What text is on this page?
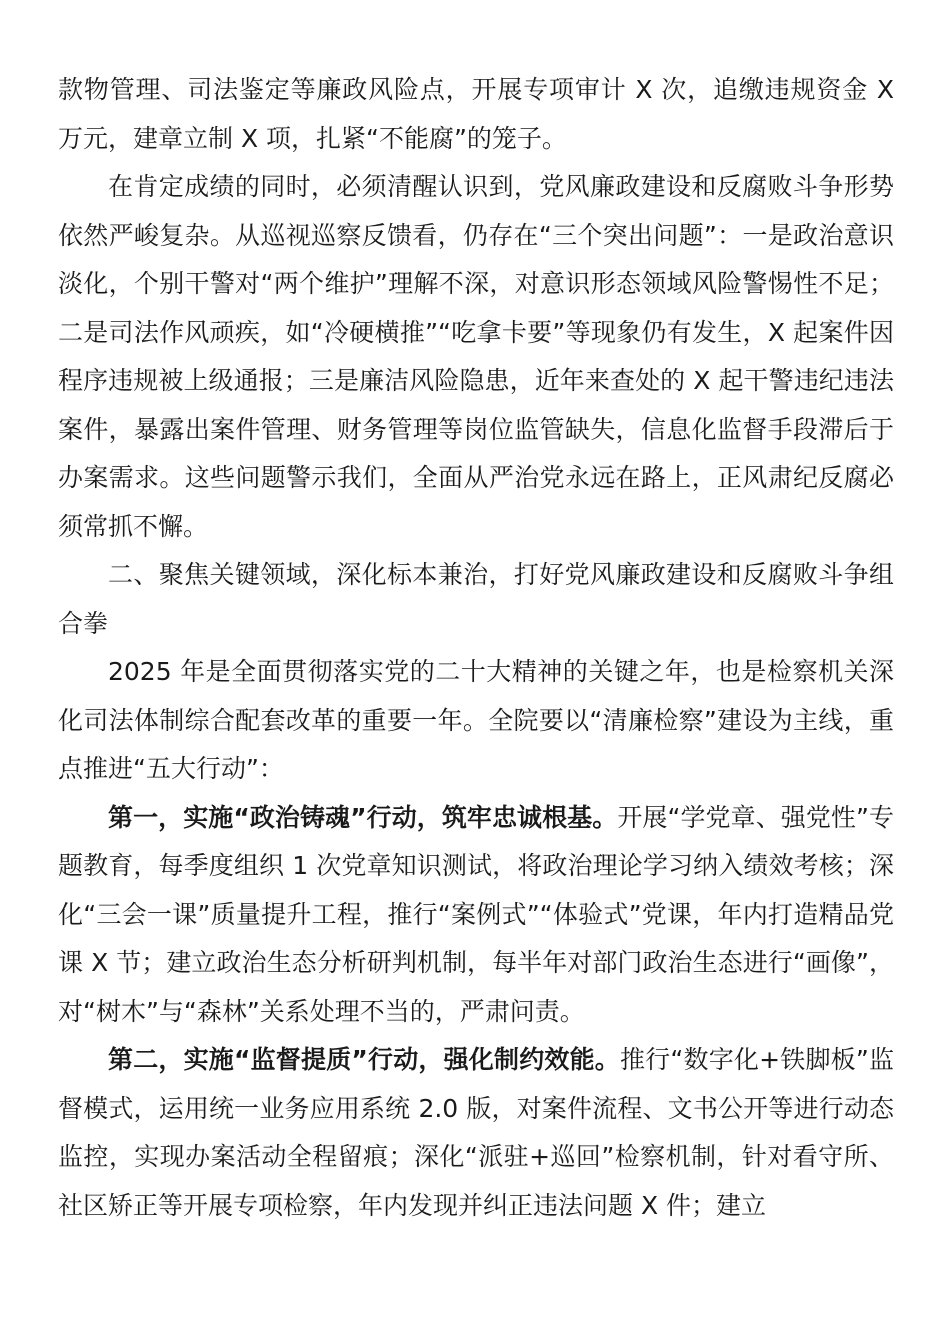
款物管理、司法鉴定等廉政风险点，开展专项审计 X 次，追缴违规资金 X 万元，建章立制 X 项，扎紧“不能腐”的笼子。

在肯定成绩的同时，必须清醒认识到，党风廉政建设和反腐败斗争形势依然严峻复杂。从巡视巡察反馈看，仍存在“三个突出问题”：一是政治意识淡化，个别干警对“两个维护”理解不深，对意识形态领域风险警惕性不足；二是司法作风顽疾，如“冷硬横推”“吃拿卡要”等现象仍有发生，X 起案件因程序违规被上级通报；三是廉洁风险隐患，近年来查处的 X 起干警违纪违法案件，暴露出案件管理、财务管理等岗位监管缺失，信息化监督手段滞后于办案需求。这些问题警示我们，全面从严治党永远在路上，正风肃纪反腐必须常抓不懈。

二、聚焦关键领域，深化标本兼治，打好党风廉政建设和反腐败斗争组合拳

2025 年是全面贯彻落实党的二十大精神的关键之年，也是检察机关深化司法体制综合配套改革的重要一年。全院要以“清廉检察”建设为主线，重点推进“五大行动”：

第一，实施“政治铸魂”行动，筑牢忠诚根基。开展“学党章、强党性”专题教育，每季度组织 1 次党章知识测试，将政治理论学习纳入绩效考核；深化“三会一课”质量提升工程，推行“案例式”“体验式”党课，年内打造精品党课 X 节；建立政治生态分析研判机制，每半年对部门政治生态进行“画像”，对“树木”与“森林”关系处理不当的，严肃问责。

第二，实施“监督提质”行动，强化制约效能。推行“数字化+铁脚板”监督模式，运用统一业务应用系统 2.0 版，对案件流程、文书公开等进行动态监控，实现办案活动全程留痕；深化“派驻+巡回”检察机制，针对看守所、社区矫正等开展专项检察，年内发现并纠正违法问题 X 件；建立
